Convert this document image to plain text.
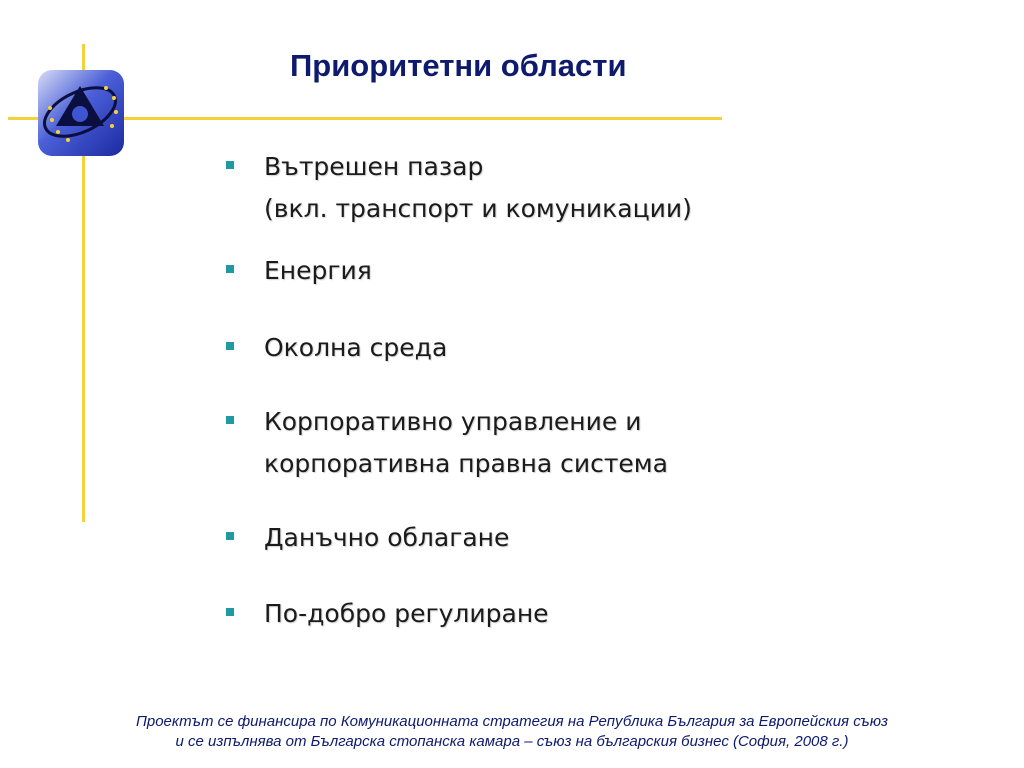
Приоритетни области
Вътрешен пазар
(вкл. транспорт и комуникации)
Енергия
Околна среда
Корпоративно управление и
корпоративна правна система
Данъчно облагане
По-добро регулиране
Проектът се финансира по Комуникационната стратегия на Република България за Европейския съюз
и се изпълнява от Българска стопанска камара – съюз на българския бизнес (София, 2008 г.)
